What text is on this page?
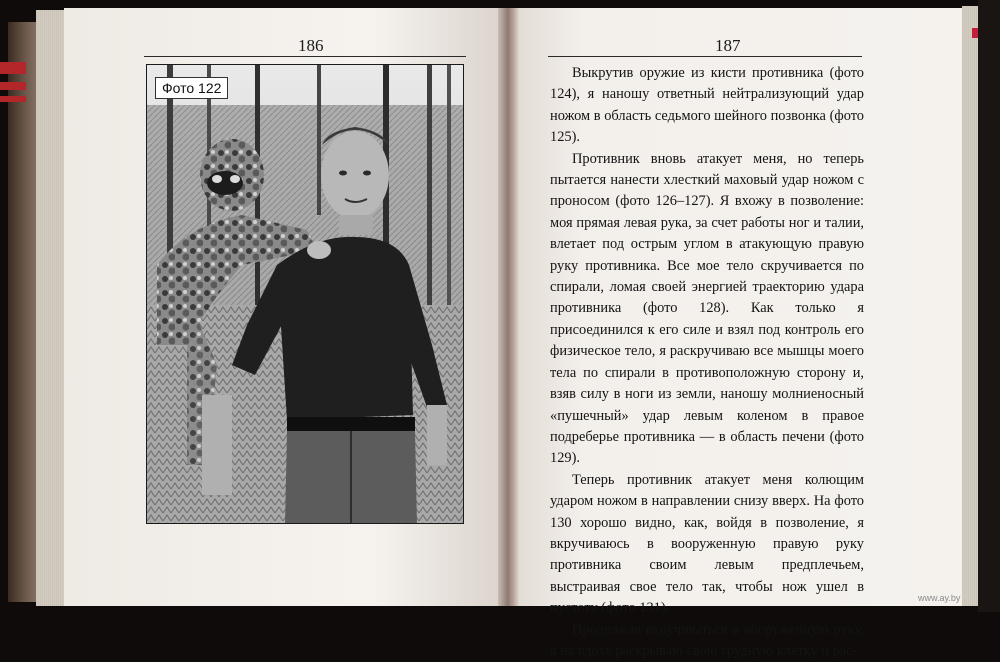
186	187
Фото 122

Выкрутив оружие из кисти противника (фото 124), я наношу ответный нейтрализующий удар ножом в область седьмого шейного позвонка (фото 125).

Противник вновь атакует меня, но теперь пытается нанести хлесткий маховый удар ножом с проносом (фото 126–127). Я вхожу в позволение: моя прямая левая рука, за счет работы ног и талии, влетает под острым углом в атакующую правую руку противника. Все мое тело скручивается по спирали, ломая своей энергией траекторию удара противника (фото 128). Как только я присоединился к его силе и взял под контроль его физическое тело, я раскручиваю все мышцы моего тела по спирали в противоположную сторону и, взяв силу в ноги из земли, наношу молниеносный «пушечный» удар левым коленом в правое подреберье противника — в область печени (фото 129).

Теперь противник атакует меня колющим ударом ножом в направлении снизу вверх. На фото 130 хорошо видно, как, войдя в позволение, я вкручиваюсь в вооруженную правую руку противника своим левым предплечьем, выстраивая свое тело так, чтобы нож ушел в пустоту (фото 131).

Продолжая вкручиваться в вооруженную руку, я на вдохе раскрываю свою грудную клетку и рас-

www.ay.by
